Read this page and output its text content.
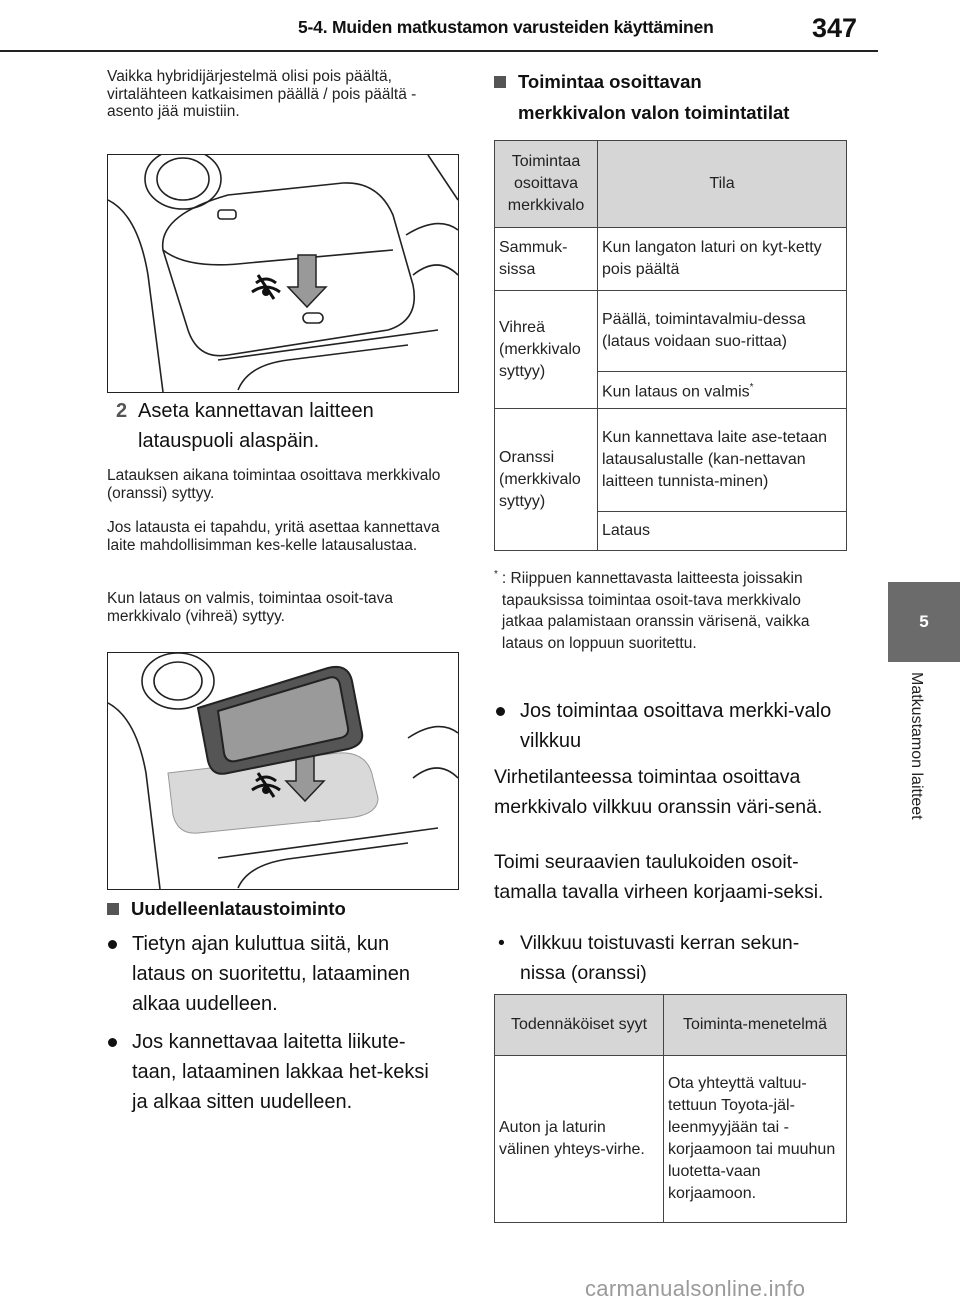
5-4. Muiden matkustamon varusteiden käyttäminen	347
5
Matkustamon laitteet
Vaikka hybridijärjestelmä olisi pois päältä, virtalähteen katkaisimen päällä / pois päältä -asento jää muistiin.
2 Aseta kannettavan laitteen latauspuoli alaspäin.
Latauksen aikana toimintaa osoittava merkkivalo (oranssi) syttyy.
Jos latausta ei tapahdu, yritä asettaa kannettava laite mahdollisimman kes-kelle latausalustaa.
Kun lataus on valmis, toimintaa osoit-tava merkkivalo (vihreä) syttyy.
Uudelleenlataustoiminto
Tietyn ajan kuluttua siitä, kun lataus on suoritettu, lataaminen alkaa uudelleen.
Jos kannettavaa laitetta liikute-taan, lataaminen lakkaa het-keksi ja alkaa sitten uudelleen.
Toimintaa osoittavan
merkkivalon valon toimintatilat
Toimintaa osoittava merkkivalo	Tila
Sammuk-sissa	Kun langaton laturi on kyt-ketty pois päältä
Vihreä (merkkivalo syttyy)	Päällä, toimintavalmiu-dessa (lataus voidaan suo-rittaa)
	Kun lataus on valmis*
Oranssi (merkkivalo syttyy)	Kun kannettava laite ase-tetaan latausalustalle (kan-nettavan laitteen tunnista-minen)
	Lataus
* : Riippuen kannettavasta laitteesta joissakin tapauksissa toimintaa osoit-tava merkkivalo jatkaa palamistaan oranssin värisenä, vaikka lataus on loppuun suoritettu.
Jos toimintaa osoittava merkki-valo vilkkuu
Virhetilanteessa toimintaa osoittava merkkivalo vilkkuu oranssin väri-senä.
Toimi seuraavien taulukoiden osoit-tamalla tavalla virheen korjaami-seksi.
• Vilkkuu toistuvasti kerran sekun-nissa (oranssi)
Todennäköiset syyt	Toiminta-menetelmä
Auton ja laturin välinen yhteys-virhe.	Ota yhteyttä valtuu-tettuun Toyota-jäl-leenmyyjään tai -korjaamoon tai muuhun luotetta-vaan korjaamoon.
carmanualsonline.info
